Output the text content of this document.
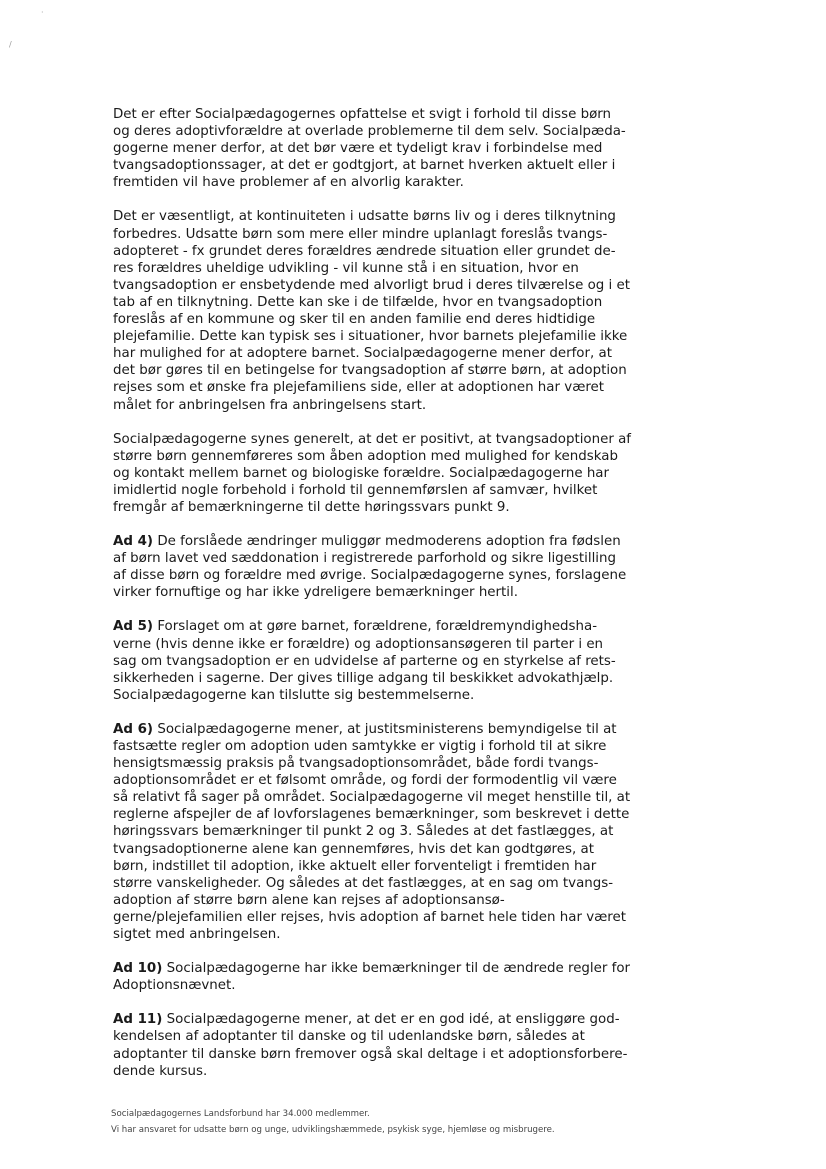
·
/

Det er efter Socialpædagogernes opfattelse et svigt i forhold til disse børn
og deres adoptivforældre at overlade problemerne til dem selv. Socialpæda-
gogerne mener derfor, at det bør være et tydeligt krav i forbindelse med
tvangsadoptionssager, at det er godtgjort, at barnet hverken aktuelt eller i
fremtiden vil have problemer af en alvorlig karakter.

Det er væsentligt, at kontinuiteten i udsatte børns liv og i deres tilknytning
forbedres. Udsatte børn som mere eller mindre uplanlagt foreslås tvangs-
adopteret - fx grundet deres forældres ændrede situation eller grundet de-
res forældres uheldige udvikling - vil kunne stå i en situation, hvor en
tvangsadoption er ensbetydende med alvorligt brud i deres tilværelse og i et
tab af en tilknytning. Dette kan ske i de tilfælde, hvor en tvangsadoption
foreslås af en kommune og sker til en anden familie end deres hidtidige
plejefamilie. Dette kan typisk ses i situationer, hvor barnets plejefamilie ikke
har mulighed for at adoptere barnet. Socialpædagogerne mener derfor, at
det bør gøres til en betingelse for tvangsadoption af større børn, at adoption
rejses som et ønske fra plejefamiliens side, eller at adoptionen har været
målet for anbringelsen fra anbringelsens start.

Socialpædagogerne synes generelt, at det er positivt, at tvangsadoptioner af
større børn gennemføreres som åben adoption med mulighed for kendskab
og kontakt mellem barnet og biologiske forældre. Socialpædagogerne har
imidlertid nogle forbehold i forhold til gennemførslen af samvær, hvilket
fremgår af bemærkningerne til dette høringssvars punkt 9.

Ad 4) De forslåede ændringer muliggør medmoderens adoption fra fødslen
af børn lavet ved sæddonation i registrerede parforhold og sikre ligestilling
af disse børn og forældre med øvrige. Socialpædagogerne synes, forslagene
virker fornuftige og har ikke ydreligere bemærkninger hertil.

Ad 5) Forslaget om at gøre barnet, forældrene, forældremyndighedsha-
verne (hvis denne ikke er forældre) og adoptionsansøgeren til parter i en
sag om tvangsadoption er en udvidelse af parterne og en styrkelse af rets-
sikkerheden i sagerne. Der gives tillige adgang til beskikket advokathjælp.
Socialpædagogerne kan tilslutte sig bestemmelserne.

Ad 6) Socialpædagogerne mener, at justitsministerens bemyndigelse til at
fastsætte regler om adoption uden samtykke er vigtig i forhold til at sikre
hensigtsmæssig praksis på tvangsadoptionsområdet, både fordi tvangs-
adoptionsområdet er et følsomt område, og fordi der formodentlig vil være
så relativt få sager på området. Socialpædagogerne vil meget henstille til, at
reglerne afspejler de af lovforslagenes bemærkninger, som beskrevet i dette
høringssvars bemærkninger til punkt 2 og 3. Således at det fastlægges, at
tvangsadoptionerne alene kan gennemføres, hvis det kan godtgøres, at
børn, indstillet til adoption, ikke aktuelt eller forventeligt i fremtiden har
større vanskeligheder. Og således at det fastlægges, at en sag om tvangs-
adoption af større børn alene kan rejses af adoptionsansø-
gerne/plejefamilien eller rejses, hvis adoption af barnet hele tiden har været
sigtet med anbringelsen.

Ad 10) Socialpædagogerne har ikke bemærkninger til de ændrede regler for
Adoptionsnævnet.

Ad 11) Socialpædagogerne mener, at det er en god idé, at ensliggøre god-
kendelsen af adoptanter til danske og til udenlandske børn, således at
adoptanter til danske børn fremover også skal deltage i et adoptionsforbere-
dende kursus.

Socialpædagogernes Landsforbund har 34.000 medlemmer.
Vi har ansvaret for udsatte børn og unge, udviklingshæmmede, psykisk syge, hjemløse og misbrugere.
